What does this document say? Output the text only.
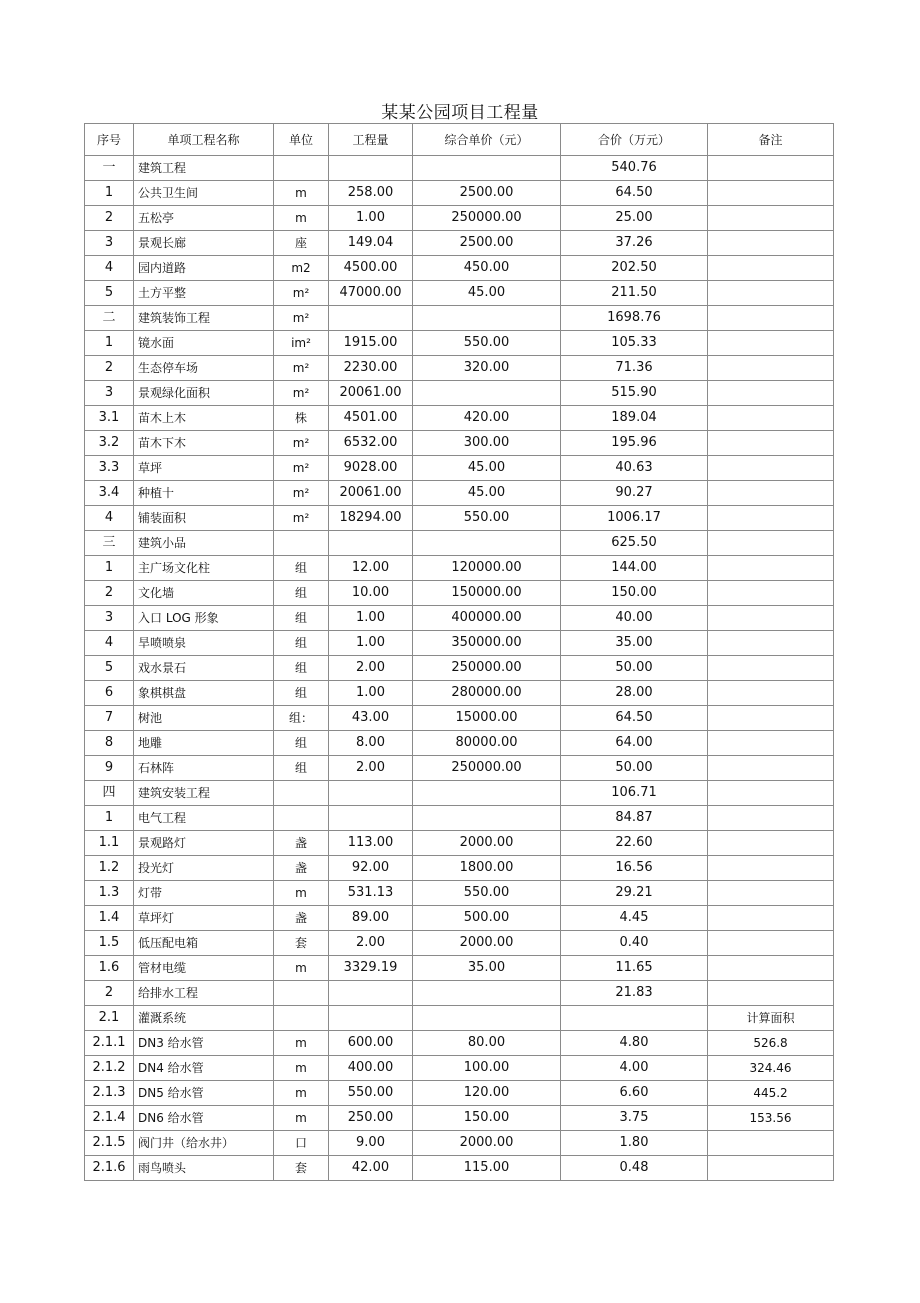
某某公园项目工程量
序号	单项工程名称	单位	工程量	综合单价（元）	合价（万元）	备注
一	建筑工程				540.76	
1	公共卫生间	m	258.00	2500.00	64.50	
2	五松亭	m	1.00	250000.00	25.00	
3	景观长廊	座	149.04	2500.00	37.26	
4	园内道路	m2	4500.00	450.00	202.50	
5	土方平整	m²	47000.00	45.00	211.50	
二	建筑装饰工程	m²			1698.76	
1	镜水面	im²	1915.00	550.00	105.33	
2	生态停车场	m²	2230.00	320.00	71.36	
3	景观绿化面积	m²	20061.00		515.90	
3.1	苗木上木	株	4501.00	420.00	189.04	
3.2	苗木下木	m²	6532.00	300.00	195.96	
3.3	草坪	m²	9028.00	45.00	40.63	
3.4	种植十	m²	20061.00	45.00	90.27	
4	铺装面积	m²	18294.00	550.00	1006.17	
三	建筑小品				625.50	
1	主广场文化柱	组	12.00	120000.00	144.00	
2	文化墙	组	10.00	150000.00	150.00	
3	入口 LOG 形象	组	1.00	400000.00	40.00	
4	旱喷喷泉	组	1.00	350000.00	35.00	
5	戏水景石	组	2.00	250000.00	50.00	
6	象棋棋盘	组	1.00	280000.00	28.00	
7	树池	组：	43.00	15000.00	64.50	
8	地雕	组	8.00	80000.00	64.00	
9	石林阵	组	2.00	250000.00	50.00	
四	建筑安装工程				106.71	
1	电气工程				84.87	
1.1	景观路灯	盏	113.00	2000.00	22.60	
1.2	投光灯	盏	92.00	1800.00	16.56	
1.3	灯带	m	531.13	550.00	29.21	
1.4	草坪灯	盏	89.00	500.00	4.45	
1.5	低压配电箱	套	2.00	2000.00	0.40	
1.6	管材电缆	m	3329.19	35.00	11.65	
2	给排水工程				21.83	
2.1	灌溉系统					计算面积
2.1.1	DN3 给水管	m	600.00	80.00	4.80	526.8
2.1.2	DN4 给水管	m	400.00	100.00	4.00	324.46
2.1.3	DN5 给水管	m	550.00	120.00	6.60	445.2
2.1.4	DN6 给水管	m	250.00	150.00	3.75	153.56
2.1.5	阀门井（给水井）	口	9.00	2000.00	1.80	
2.1.6	雨鸟喷头	套	42.00	115.00	0.48	
